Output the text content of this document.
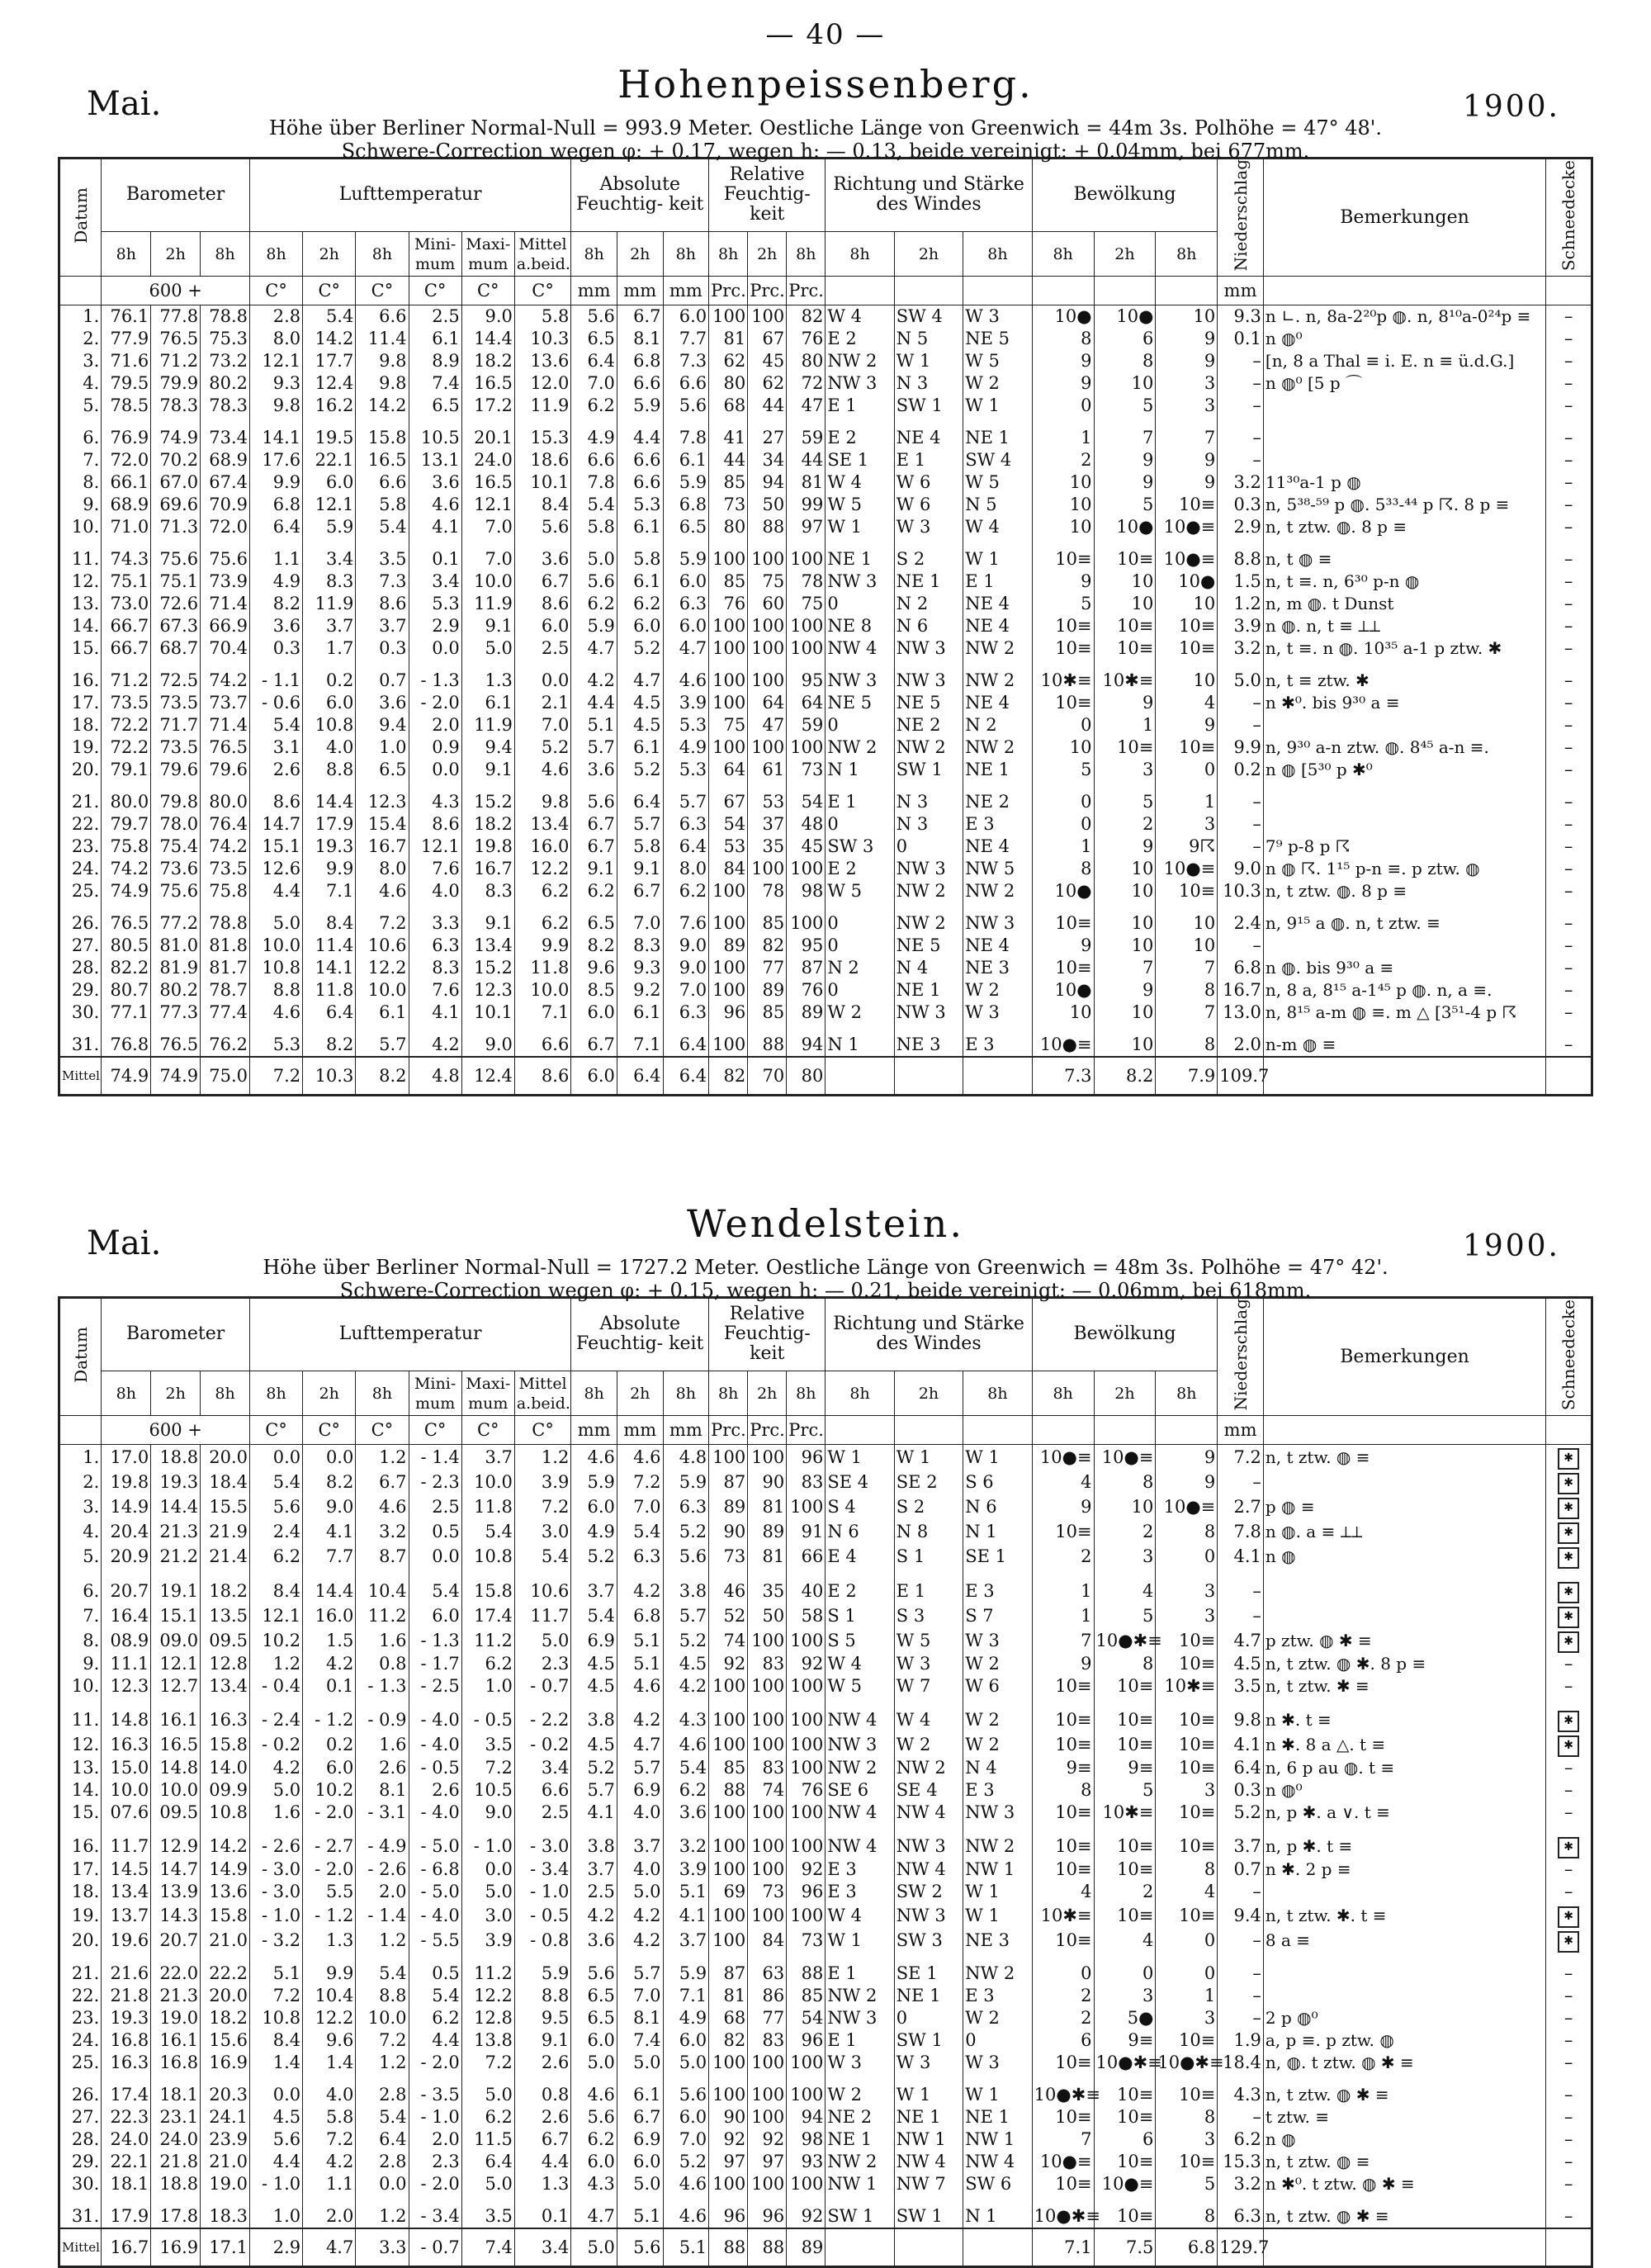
— 40 —
Hohenpeissenberg.
Mai.	1900.
Höhe über Berliner Normal-Null = 993.9 Meter. Oestliche Länge von Greenwich = 44m 3s. Polhöhe = 47° 48'.
Schwere-Correction wegen φ: + 0.17, wegen h: — 0.13, beide vereinigt: + 0.04mm, bei 677mm.
Datum	Barometer			Lufttemperatur						Absolute Feuchtig- keit			Relative Feuchtig- keit			Richtung und Stärke des Windes			Bewölkung			Niederschlag	Bemerkungen	Schneedecke
	8h	2h	8h	8h	2h	8h	Mini- mum	Maxi- mum	Mittel a.beid.	8h	2h	8h	8h	2h	8h	8h	2h	8h	8h	2h	8h			
	600 +			C°	C°	C°	C°	C°	C°	mm	mm	mm	Prc.	Prc.	Prc.							mm		
1.	76.1	77.8	78.8	2.8	5.4	6.6	2.5	9.0	5.8	5.6	6.7	6.0	100	100	82	W 4	SW 4	W 3	10●	10●	10	9.3	n ∟. n, 8a-2²⁰p ◍. n, 8¹⁰a-0²⁴p ≡	–
2.	77.9	76.5	75.3	8.0	14.2	11.4	6.1	14.4	10.3	6.5	8.1	7.7	81	67	76	E 2	N 5	NE 5	8	6	9	0.1	n ◍⁰	–
3.	71.6	71.2	73.2	12.1	17.7	9.8	8.9	18.2	13.6	6.4	6.8	7.3	62	45	80	NW 2	W 1	W 5	9	8	9	–	[n, 8 a Thal ≡ i. E. n ≡ ü.d.G.]	–
4.	79.5	79.9	80.2	9.3	12.4	9.8	7.4	16.5	12.0	7.0	6.6	6.6	80	62	72	NW 3	N 3	W 2	9	10	3	–	n ◍⁰ [5 p ⌒	–
5.	78.5	78.3	78.3	9.8	16.2	14.2	6.5	17.2	11.9	6.2	5.9	5.6	68	44	47	E 1	SW 1	W 1	0	5	3	–		–

6.	76.9	74.9	73.4	14.1	19.5	15.8	10.5	20.1	15.3	4.9	4.4	7.8	41	27	59	E 2	NE 4	NE 1	1	7	7	–		–
7.	72.0	70.2	68.9	17.6	22.1	16.5	13.1	24.0	18.6	6.6	6.6	6.1	44	34	44	SE 1	E 1	SW 4	2	9	9	–		–
8.	66.1	67.0	67.4	9.9	6.0	6.6	3.6	16.5	10.1	7.8	6.6	5.9	85	94	81	W 4	W 6	W 5	10	9	9	3.2	11³⁰a-1 p ◍	–
9.	68.9	69.6	70.9	6.8	12.1	5.8	4.6	12.1	8.4	5.4	5.3	6.8	73	50	99	W 5	W 6	N 5	10	5	10≡	0.3	n, 5³⁸-⁵⁹ p ◍. 5³³-⁴⁴ p ☈. 8 p ≡	–
10.	71.0	71.3	72.0	6.4	5.9	5.4	4.1	7.0	5.6	5.8	6.1	6.5	80	88	97	W 1	W 3	W 4	10	10●	10●≡	2.9	n, t ztw. ◍. 8 p ≡	–

11.	74.3	75.6	75.6	1.1	3.4	3.5	0.1	7.0	3.6	5.0	5.8	5.9	100	100	100	NE 1	S 2	W 1	10≡	10≡	10●≡	8.8	n, t ◍ ≡	–
12.	75.1	75.1	73.9	4.9	8.3	7.3	3.4	10.0	6.7	5.6	6.1	6.0	85	75	78	NW 3	NE 1	E 1	9	10	10●	1.5	n, t ≡. n, 6³⁰ p-n ◍	–
13.	73.0	72.6	71.4	8.2	11.9	8.6	5.3	11.9	8.6	6.2	6.2	6.3	76	60	75	0	N 2	NE 4	5	10	10	1.2	n, m ◍. t Dunst	–
14.	66.7	67.3	66.9	3.6	3.7	3.7	2.9	9.1	6.0	5.9	6.0	6.0	100	100	100	NE 8	N 6	NE 4	10≡	10≡	10≡	3.9	n ◍. n, t ≡ ⟂⟂	–
15.	66.7	68.7	70.4	0.3	1.7	0.3	0.0	5.0	2.5	4.7	5.2	4.7	100	100	100	NW 4	NW 3	NW 2	10≡	10≡	10≡	3.2	n, t ≡. n ◍. 10³⁵ a-1 p ztw. ✱	–

16.	71.2	72.5	74.2	- 1.1	0.2	0.7	- 1.3	1.3	0.0	4.2	4.7	4.6	100	100	95	NW 3	NW 3	NW 2	10✱≡	10✱≡	10	5.0	n, t ≡ ztw. ✱	–
17.	73.5	73.5	73.7	- 0.6	6.0	3.6	- 2.0	6.1	2.1	4.4	4.5	3.9	100	64	64	NE 5	NE 5	NE 4	10≡	9	4	–	n ✱⁰. bis 9³⁰ a ≡	–
18.	72.2	71.7	71.4	5.4	10.8	9.4	2.0	11.9	7.0	5.1	4.5	5.3	75	47	59	0	NE 2	N 2	0	1	9	–		–
19.	72.2	73.5	76.5	3.1	4.0	1.0	0.9	9.4	5.2	5.7	6.1	4.9	100	100	100	NW 2	NW 2	NW 2	10	10≡	10≡	9.9	n, 9³⁰ a-n ztw. ◍. 8⁴⁵ a-n ≡.	–
20.	79.1	79.6	79.6	2.6	8.8	6.5	0.0	9.1	4.6	3.6	5.2	5.3	64	61	73	N 1	SW 1	NE 1	5	3	0	0.2	n ◍ [5³⁰ p ✱⁰	–

21.	80.0	79.8	80.0	8.6	14.4	12.3	4.3	15.2	9.8	5.6	6.4	5.7	67	53	54	E 1	N 3	NE 2	0	5	1	–		–
22.	79.7	78.0	76.4	14.7	17.9	15.4	8.6	18.2	13.4	6.7	5.7	6.3	54	37	48	0	N 3	E 3	0	2	3	–		–
23.	75.8	75.4	74.2	15.1	19.3	16.7	12.1	19.8	16.0	6.7	5.8	6.4	53	35	45	SW 3	0	NE 4	1	9	9☈	–	7⁹ p-8 p ☈	–
24.	74.2	73.6	73.5	12.6	9.9	8.0	7.6	16.7	12.2	9.1	9.1	8.0	84	100	100	E 2	NW 3	NW 5	8	10	10●≡	9.0	n ◍ ☈. 1¹⁵ p-n ≡. p ztw. ◍	–
25.	74.9	75.6	75.8	4.4	7.1	4.6	4.0	8.3	6.2	6.2	6.7	6.2	100	78	98	W 5	NW 2	NW 2	10●	10	10≡	10.3	n, t ztw. ◍. 8 p ≡	–

26.	76.5	77.2	78.8	5.0	8.4	7.2	3.3	9.1	6.2	6.5	7.0	7.6	100	85	100	0	NW 2	NW 3	10≡	10	10	2.4	n, 9¹⁵ a ◍. n, t ztw. ≡	–
27.	80.5	81.0	81.8	10.0	11.4	10.6	6.3	13.4	9.9	8.2	8.3	9.0	89	82	95	0	NE 5	NE 4	9	10	10	–		–
28.	82.2	81.9	81.7	10.8	14.1	12.2	8.3	15.2	11.8	9.6	9.3	9.0	100	77	87	N 2	N 4	NE 3	10≡	7	7	6.8	n ◍. bis 9³⁰ a ≡	–
29.	80.7	80.2	78.7	8.8	11.8	10.0	7.6	12.3	10.0	8.5	9.2	7.0	100	89	76	0	NE 1	W 2	10●	9	8	16.7	n, 8 a, 8¹⁵ a-1⁴⁵ p ◍. n, a ≡.	–
30.	77.1	77.3	77.4	4.6	6.4	6.1	4.1	10.1	7.1	6.0	6.1	6.3	96	85	89	W 2	NW 3	W 3	10	10	7	13.0	n, 8¹⁵ a-m ◍ ≡. m △ [3⁵¹-4 p ☈	–

31.	76.8	76.5	76.2	5.3	8.2	5.7	4.2	9.0	6.6	6.7	7.1	6.4	100	88	94	N 1	NE 3	E 3	10●≡	10	8	2.0	n-m ◍ ≡	–
Mittel	74.9	74.9	75.0	7.2	10.3	8.2	4.8	12.4	8.6	6.0	6.4	6.4	82	70	80				7.3	8.2	7.9	109.7		
Wendelstein.
Mai.	1900.
Höhe über Berliner Normal-Null = 1727.2 Meter. Oestliche Länge von Greenwich = 48m 3s. Polhöhe = 47° 42'.
Schwere-Correction wegen φ: + 0.15, wegen h: — 0.21, beide vereinigt: — 0.06mm, bei 618mm.
Datum	Barometer			Lufttemperatur						Absolute Feuchtig- keit			Relative Feuchtig- keit			Richtung und Stärke des Windes			Bewölkung			Niederschlag	Bemerkungen	Schneedecke
	8h	2h	8h	8h	2h	8h	Mini- mum	Maxi- mum	Mittel a.beid.	8h	2h	8h	8h	2h	8h	8h	2h	8h	8h	2h	8h			
	600 +			C°	C°	C°	C°	C°	C°	mm	mm	mm	Prc.	Prc.	Prc.							mm		
1.	17.0	18.8	20.0	0.0	0.0	1.2	- 1.4	3.7	1.2	4.6	4.6	4.8	100	100	96	W 1	W 1	W 1	10●≡	10●≡	9	7.2	n, t ztw. ◍ ≡	✱
2.	19.8	19.3	18.4	5.4	8.2	6.7	- 2.3	10.0	3.9	5.9	7.2	5.9	87	90	83	SE 4	SE 2	S 6	4	8	9	–		✱
3.	14.9	14.4	15.5	5.6	9.0	4.6	2.5	11.8	7.2	6.0	7.0	6.3	89	81	100	S 4	S 2	N 6	9	10	10●≡	2.7	p ◍ ≡	✱
4.	20.4	21.3	21.9	2.4	4.1	3.2	0.5	5.4	3.0	4.9	5.4	5.2	90	89	91	N 6	N 8	N 1	10≡	2	8	7.8	n ◍. a ≡ ⟂⟂	✱
5.	20.9	21.2	21.4	6.2	7.7	8.7	0.0	10.8	5.4	5.2	6.3	5.6	73	81	66	E 4	S 1	SE 1	2	3	0	4.1	n ◍	✱

6.	20.7	19.1	18.2	8.4	14.4	10.4	5.4	15.8	10.6	3.7	4.2	3.8	46	35	40	E 2	E 1	E 3	1	4	3	–		✱
7.	16.4	15.1	13.5	12.1	16.0	11.2	6.0	17.4	11.7	5.4	6.8	5.7	52	50	58	S 1	S 3	S 7	1	5	3	–		✱
8.	08.9	09.0	09.5	10.2	1.5	1.6	- 1.3	11.2	5.0	6.9	5.1	5.2	74	100	100	S 5	W 5	W 3	7	10●✱≡	10≡	4.7	p ztw. ◍ ✱ ≡	✱
9.	11.1	12.1	12.8	1.2	4.2	0.8	- 1.7	6.2	2.3	4.5	5.1	4.5	92	83	92	W 4	W 3	W 2	9	8	10≡	4.5	n, t ztw. ◍ ✱. 8 p ≡	–
10.	12.3	12.7	13.4	- 0.4	0.1	- 1.3	- 2.5	1.0	- 0.7	4.5	4.6	4.2	100	100	100	W 5	W 7	W 6	10≡	10≡	10✱≡	3.5	n, t ztw. ✱ ≡	–

11.	14.8	16.1	16.3	- 2.4	- 1.2	- 0.9	- 4.0	- 0.5	- 2.2	3.8	4.2	4.3	100	100	100	NW 4	W 4	W 2	10≡	10≡	10≡	9.8	n ✱. t ≡	✱
12.	16.3	16.5	15.8	- 0.2	0.2	1.6	- 4.0	3.5	- 0.2	4.5	4.7	4.6	100	100	100	NW 3	W 2	W 2	10≡	10≡	10≡	4.1	n ✱. 8 a △. t ≡	✱
13.	15.0	14.8	14.0	4.2	6.0	2.6	- 0.5	7.2	3.4	5.2	5.7	5.4	85	83	100	NW 2	NW 2	N 4	9≡	9≡	10≡	6.4	n, 6 p au ◍. t ≡	–
14.	10.0	10.0	09.9	5.0	10.2	8.1	2.6	10.5	6.6	5.7	6.9	6.2	88	74	76	SE 6	SE 4	E 3	8	5	3	0.3	n ◍⁰	–
15.	07.6	09.5	10.8	1.6	- 2.0	- 3.1	- 4.0	9.0	2.5	4.1	4.0	3.6	100	100	100	NW 4	NW 4	NW 3	10≡	10✱≡	10≡	5.2	n, p ✱. a ∨. t ≡	–

16.	11.7	12.9	14.2	- 2.6	- 2.7	- 4.9	- 5.0	- 1.0	- 3.0	3.8	3.7	3.2	100	100	100	NW 4	NW 3	NW 2	10≡	10≡	10≡	3.7	n, p ✱. t ≡	✱
17.	14.5	14.7	14.9	- 3.0	- 2.0	- 2.6	- 6.8	0.0	- 3.4	3.7	4.0	3.9	100	100	92	E 3	NW 4	NW 1	10≡	10≡	8	0.7	n ✱. 2 p ≡	–
18.	13.4	13.9	13.6	- 3.0	5.5	2.0	- 5.0	5.0	- 1.0	2.5	5.0	5.1	69	73	96	E 3	SW 2	W 1	4	2	4	–		–
19.	13.7	14.3	15.8	- 1.0	- 1.2	- 1.4	- 4.0	3.0	- 0.5	4.2	4.2	4.1	100	100	100	W 4	NW 3	W 1	10✱≡	10≡	10≡	9.4	n, t ztw. ✱. t ≡	✱
20.	19.6	20.7	21.0	- 3.2	1.3	1.2	- 5.5	3.9	- 0.8	3.6	4.2	3.7	100	84	73	W 1	SW 3	NE 3	10≡	4	0	–	8 a ≡	✱

21.	21.6	22.0	22.2	5.1	9.9	5.4	0.5	11.2	5.9	5.6	5.7	5.9	87	63	88	E 1	SE 1	NW 2	0	0	0	–		–
22.	21.8	21.3	20.0	7.2	10.4	8.8	5.4	12.2	8.8	6.5	7.0	7.1	81	86	85	NW 2	NE 1	E 3	2	3	1	–		–
23.	19.3	19.0	18.2	10.8	12.2	10.0	6.2	12.8	9.5	6.5	8.1	4.9	68	77	54	NW 3	0	W 2	2	5●	3	–	2 p ◍⁰	–
24.	16.8	16.1	15.6	8.4	9.6	7.2	4.4	13.8	9.1	6.0	7.4	6.0	82	83	96	E 1	SW 1	0	6	9≡	10≡	1.9	a, p ≡. p ztw. ◍	–
25.	16.3	16.8	16.9	1.4	1.4	1.2	- 2.0	7.2	2.6	5.0	5.0	5.0	100	100	100	W 3	W 3	W 3	10≡	10●✱≡	10●✱≡	18.4	n, ◍. t ztw. ◍ ✱ ≡	–

26.	17.4	18.1	20.3	0.0	4.0	2.8	- 3.5	5.0	0.8	4.6	6.1	5.6	100	100	100	W 2	W 1	W 1	10●✱≡	10≡	10≡	4.3	n, t ztw. ◍ ✱ ≡	–
27.	22.3	23.1	24.1	4.5	5.8	5.4	- 1.0	6.2	2.6	5.6	6.7	6.0	90	100	94	NE 2	NE 1	NE 1	10≡	10≡	8	–	t ztw. ≡	–
28.	24.0	24.0	23.9	5.6	7.2	6.4	2.0	11.5	6.7	6.2	6.9	7.0	92	92	98	NE 1	NW 1	NW 1	7	6	3	6.2	n ◍	–
29.	22.1	21.8	21.0	4.4	4.2	2.8	2.3	6.4	4.4	6.0	6.0	5.2	97	97	93	NW 2	NW 4	NW 4	10●≡	10≡	10≡	15.3	n, t ztw. ◍ ≡	–
30.	18.1	18.8	19.0	- 1.0	1.1	0.0	- 2.0	5.0	1.3	4.3	5.0	4.6	100	100	100	NW 1	NW 7	SW 6	10≡	10●≡	5	3.2	n ✱⁰. t ztw. ◍ ✱ ≡	–

31.	17.9	17.8	18.3	1.0	2.0	1.2	- 3.4	3.5	0.1	4.7	5.1	4.6	96	96	92	SW 1	SW 1	N 1	10●✱≡	10≡	8	6.3	n, t ztw. ◍ ✱ ≡	–
Mittel	16.7	16.9	17.1	2.9	4.7	3.3	- 0.7	7.4	3.4	5.0	5.6	5.1	88	88	89				7.1	7.5	6.8	129.7		
